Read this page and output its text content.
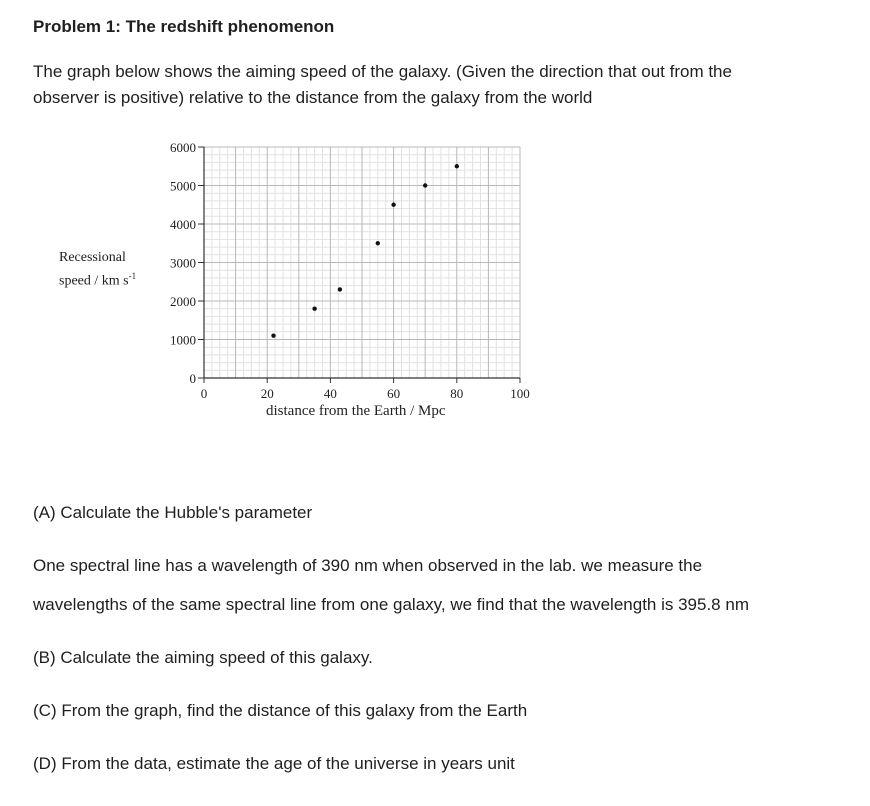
Problem 1: The redshift phenomenon
The graph below shows the aiming speed of the galaxy. (Given the direction that out from the
observer is positive) relative to the distance from the galaxy from the world
0
1000
2000
3000
4000
5000
6000
0	20	40	60	80	100
Recessional
speed / km $s^{-1}$
distance from the Earth / Mpc
(A) Calculate the Hubble's parameter
One spectral line has a wavelength of 390 nm when observed in the lab. we measure the
wavelengths of the same spectral line from one galaxy, we find that the wavelength is 395.8 nm
(B) Calculate the aiming speed of this galaxy.
(C) From the graph, find the distance of this galaxy from the Earth
(D) From the data, estimate the age of the universe in years unit
